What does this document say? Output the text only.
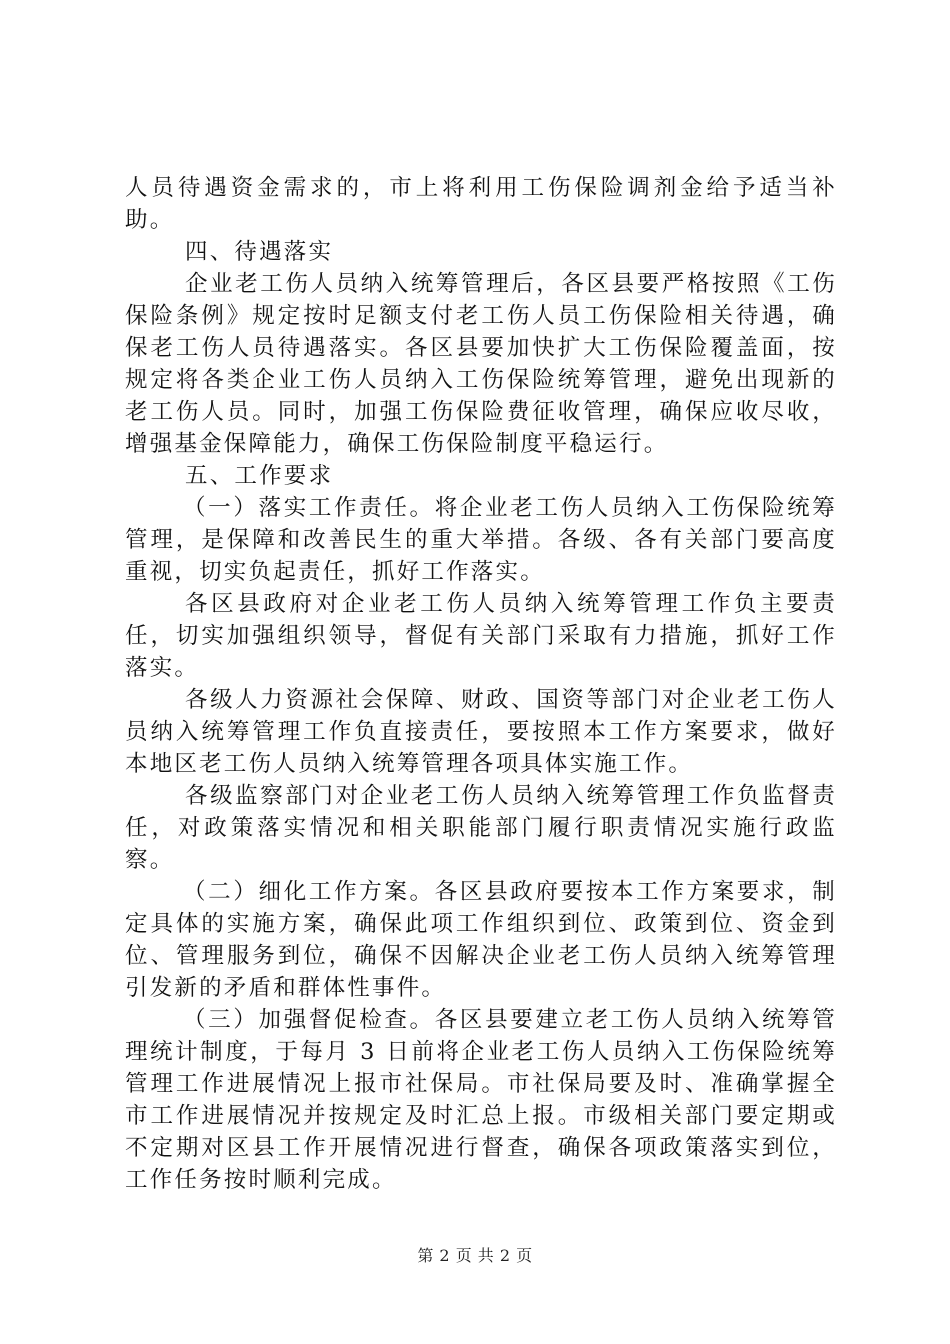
人员待遇资金需求的，市上将利用工伤保险调剂金给予适当补助。

四、待遇落实

企业老工伤人员纳入统筹管理后，各区县要严格按照《工伤保险条例》规定按时足额支付老工伤人员工伤保险相关待遇，确保老工伤人员待遇落实。各区县要加快扩大工伤保险覆盖面，按规定将各类企业工伤人员纳入工伤保险统筹管理，避免出现新的老工伤人员。同时，加强工伤保险费征收管理，确保应收尽收，增强基金保障能力，确保工伤保险制度平稳运行。

五、工作要求

（一）落实工作责任。将企业老工伤人员纳入工伤保险统筹管理，是保障和改善民生的重大举措。各级、各有关部门要高度重视，切实负起责任，抓好工作落实。

各区县政府对企业老工伤人员纳入统筹管理工作负主要责任，切实加强组织领导，督促有关部门采取有力措施，抓好工作落实。

各级人力资源社会保障、财政、国资等部门对企业老工伤人员纳入统筹管理工作负直接责任，要按照本工作方案要求，做好本地区老工伤人员纳入统筹管理各项具体实施工作。

各级监察部门对企业老工伤人员纳入统筹管理工作负监督责任，对政策落实情况和相关职能部门履行职责情况实施行政监察。

（二）细化工作方案。各区县政府要按本工作方案要求，制定具体的实施方案，确保此项工作组织到位、政策到位、资金到位、管理服务到位，确保不因解决企业老工伤人员纳入统筹管理引发新的矛盾和群体性事件。

（三）加强督促检查。各区县要建立老工伤人员纳入统筹管理统计制度，于每月 3 日前将企业老工伤人员纳入工伤保险统筹管理工作进展情况上报市社保局。市社保局要及时、准确掌握全市工作进展情况并按规定及时汇总上报。市级相关部门要定期或不定期对区县工作开展情况进行督查，确保各项政策落实到位，工作任务按时顺利完成。

第 2 页 共 2 页
